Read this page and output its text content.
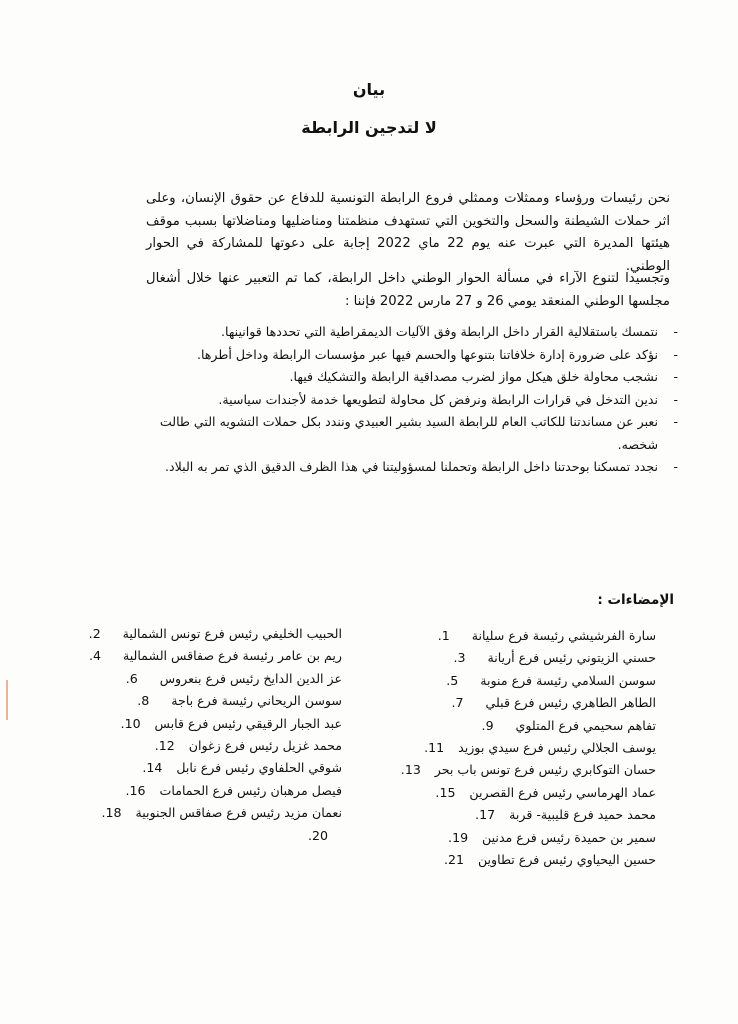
بيان
لا لتدجين الرابطة
نحن رئيسات ورؤساء وممثلات وممثلي فروع الرابطة التونسية للدفاع عن حقوق الإنسان، وعلى اثر حملات الشيطنة والسحل والتخوين التي تستهدف منظمتنا ومناضليها ومناضلاتها بسبب موقف هيئتها المديرة التي عبرت عنه يوم 22 ماي 2022 إجابة على دعوتها للمشاركة في الحوار الوطني.
وتجسيدا لتنوع الآراء في مسألة الحوار الوطني داخل الرابطة، كما تم التعبير عنها خلال أشغال مجلسها الوطني المنعقد يومي 26 و 27 مارس 2022 فإننا :
-
نتمسك باستقلالية القرار داخل الرابطة وفق الآليات الديمقراطية التي تحددها قوانينها.
-
نؤكد على ضرورة إدارة خلافاتنا بتنوعها والحسم فيها عبر مؤسسات الرابطة وداخل أطرها.
-
نشجب محاولة خلق هيكل مواز لضرب مصداقية الرابطة والتشكيك فيها.
-
ندين التدخل في قرارات الرابطة ونرفض كل محاولة لتطويعها خدمة لأجندات سياسية.
-
نعبر عن مساندتنا للكاتب العام للرابطة السيد بشير العبيدي ونندد بكل حملات التشويه التي طالت شخصه.
-
نجدد تمسكنا بوحدتنا داخل الرابطة وتحملنا لمسؤوليتنا في هذا الظرف الدقيق الذي تمر به البلاد.
الإمضاءات :
سارة الفرشيشي رئيسة فرع سليانة
1.
حسني الزيتوني رئيس فرع أريانة
3.
سوسن السلامي رئيسة فرع منوبة
5.
الطاهر الطاهري رئيس فرع قبلي
7.
تفاهم سحيمي فرع المتلوي
9.
يوسف الجلالي رئيس فرع سيدي بوزيد
11.
حسان التوكابري رئيس فرع تونس باب بحر
13.
عماد الهرماسي رئيس فرع القصرين
15.
محمد حميد فرع قليبية- قربة
17.
سمير بن حميدة رئيس فرع مدنين
19.
حسين اليحياوي رئيس فرع تطاوين
21.
الحبيب الخليفي رئيس فرع تونس الشمالية
2.
ريم بن عامر رئيسة فرع صفاقس الشمالية
4.
عز الدين الدايخ رئيس فرع بنعروس
6.
سوسن الريحاني رئيسة فرع باجة
8.
عبد الجبار الرقيقي رئيس فرع قابس
10.
محمد غزيل رئيس فرع زغوان
12.
شوقي الحلفاوي رئيس فرع نابل
14.
فيصل مرهبان رئيس فرع الحمامات
16.
نعمان مزيد رئيس فرع صفاقس الجنوبية
18.
20.
